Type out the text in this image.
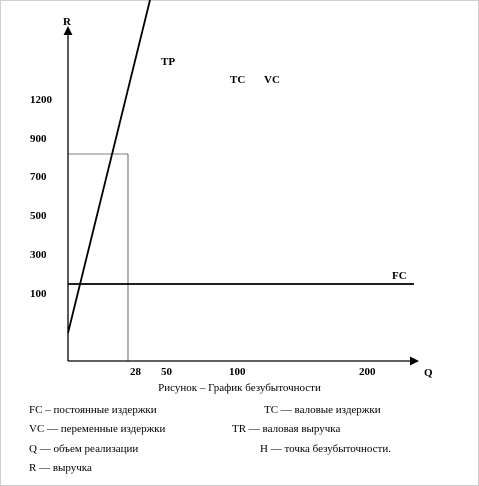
R
Q
1200
900
700
500
300
100
28 50	100	200
TP
TC VC
FC
Рисунок – График безубыточности
FC – постоянные издержки	TC — валовые издержки
VC — переменные издержки	TR — валовая выручка
Q — объем реализации	Н — точка безубыточности.
R — выручка
